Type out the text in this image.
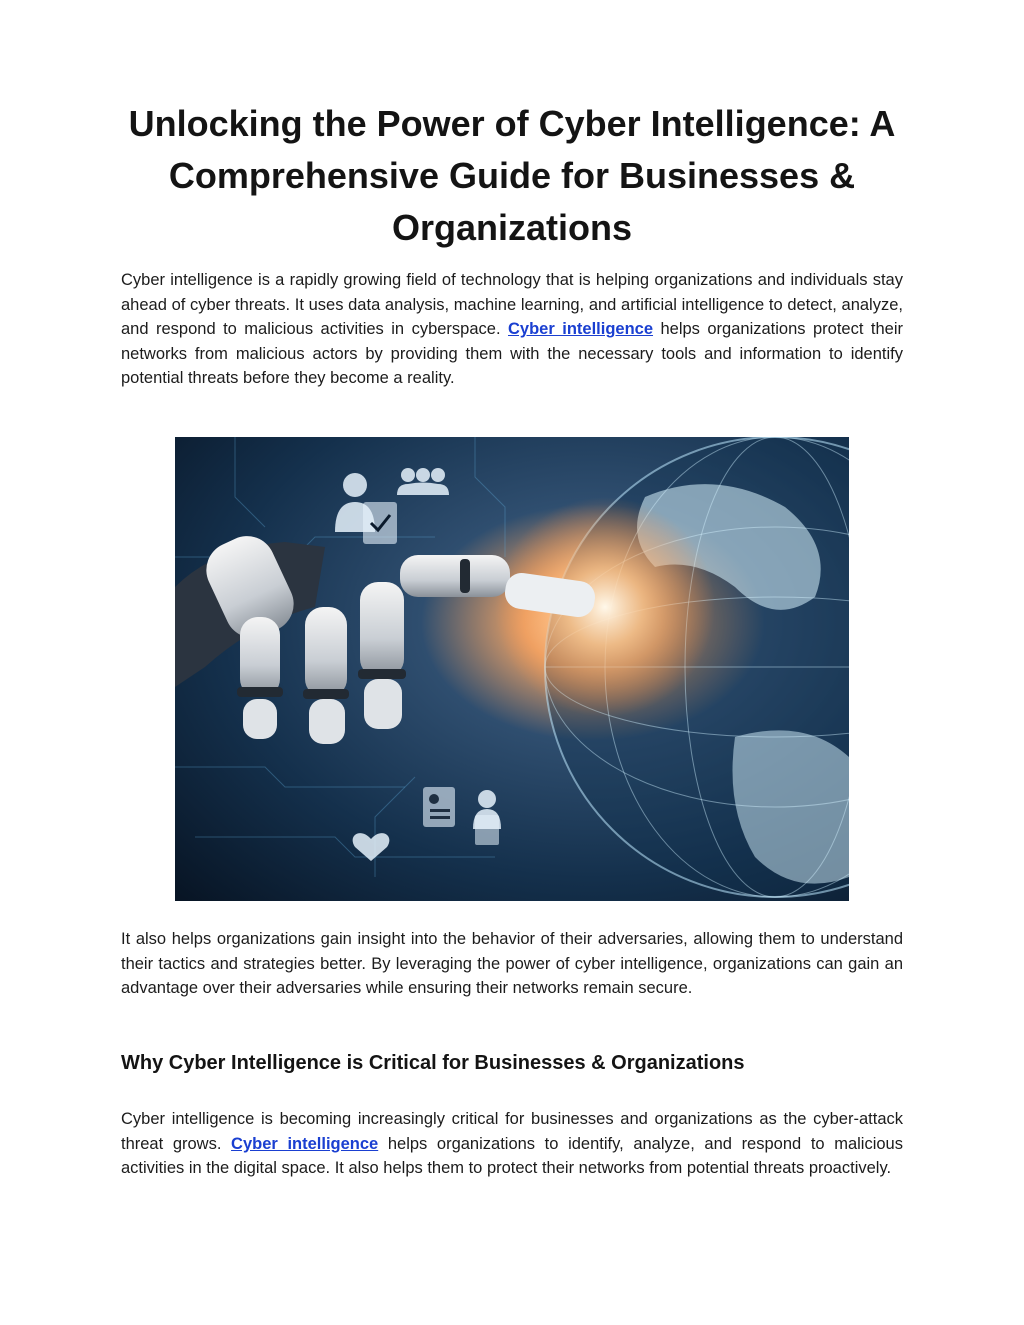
Unlocking the Power of Cyber Intelligence: A Comprehensive Guide for Businesses & Organizations

Cyber intelligence is a rapidly growing field of technology that is helping organizations and individuals stay ahead of cyber threats. It uses data analysis, machine learning, and artificial intelligence to detect, analyze, and respond to malicious activities in cyberspace. Cyber intelligence helps organizations protect their networks from malicious actors by providing them with the necessary tools and information to identify potential threats before they become a reality.

It also helps organizations gain insight into the behavior of their adversaries, allowing them to understand their tactics and strategies better. By leveraging the power of cyber intelligence, organizations can gain an advantage over their adversaries while ensuring their networks remain secure.

Why Cyber Intelligence is Critical for Businesses & Organizations

Cyber intelligence is becoming increasingly critical for businesses and organizations as the cyber-attack threat grows. Cyber intelligence helps organizations to identify, analyze, and respond to malicious activities in the digital space. It also helps them to protect their networks from potential threats proactively.
